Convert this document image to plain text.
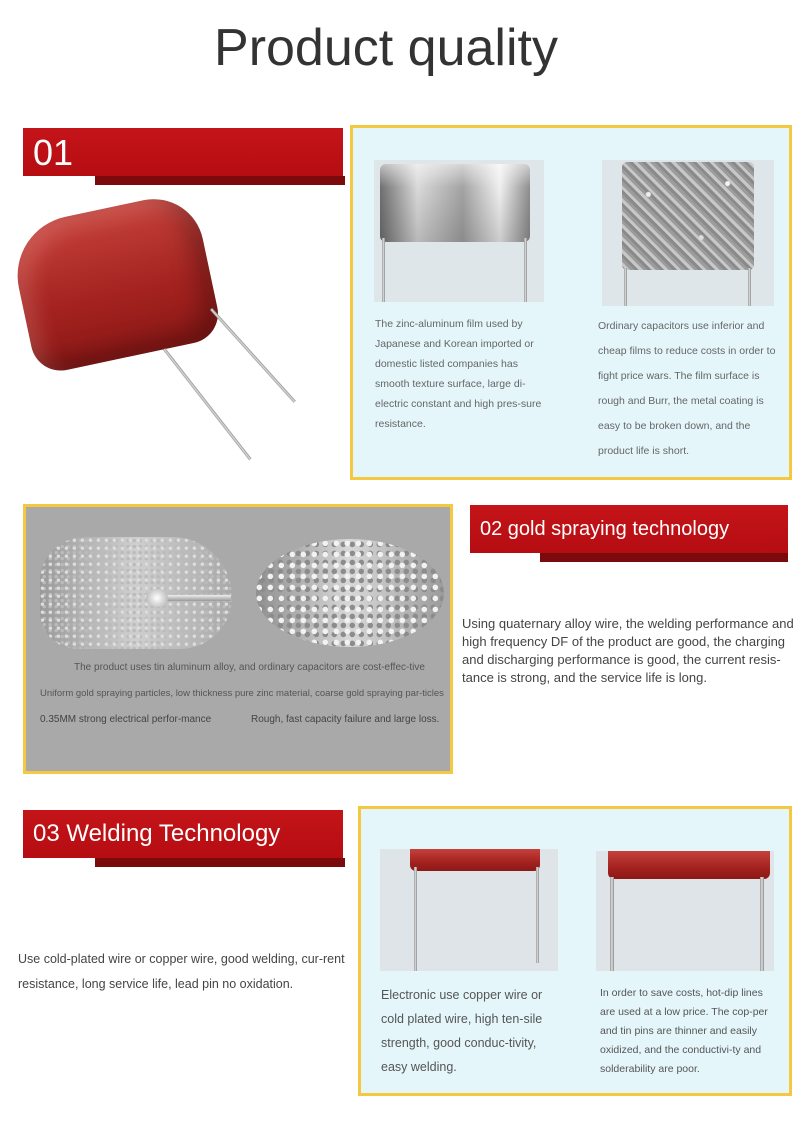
Product quality
01
The zinc-aluminum film used by Japanese and Korean imported or domestic listed companies has smooth texture surface, large di-electric constant and high pres-sure resistance.
Ordinary capacitors use inferior and cheap films to reduce costs in order to fight price wars. The film surface is rough and Burr, the metal coating is easy to be broken down, and the product life is short.
The product uses tin aluminum alloy, and ordinary capacitors are cost-effec-tive
Uniform gold spraying particles, low thickness pure zinc material, coarse gold spraying par-ticles
0.35MM strong electrical perfor-mance	Rough, fast capacity failure and large loss.
02 gold spraying technology
Using quaternary alloy wire, the welding performance and high frequency DF of the product are good, the charging and discharging performance is good, the current resis-tance is strong, and the service life is long.
03 Welding Technology
Use cold-plated wire or copper wire, good welding, cur-rent resistance, long service life, lead pin no oxidation.
Electronic use copper wire or cold plated wire, high ten-sile strength, good conduc-tivity, easy welding.
In order to save costs, hot-dip lines are used at a low price. The cop-per and tin pins are thinner and easily oxidized, and the conductivi-ty and solderability are poor.
